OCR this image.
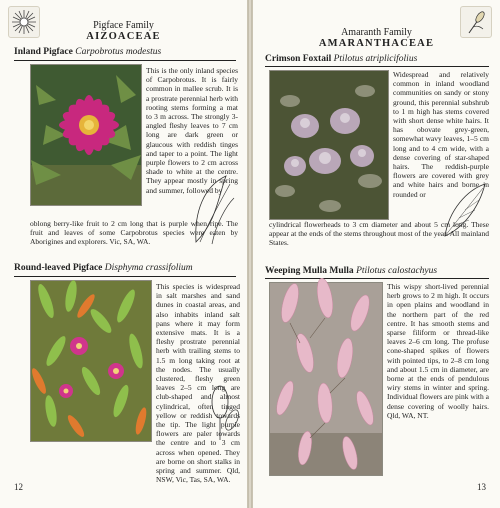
Pigface Family
AIZOACEAE
Inland Pigface Carpobrotus modestus
This is the only inland species of Carpobrotus. It is fairly common in mallee scrub. It is a prostrate perennial herb with rooting stems forming a mat to 3 m across. The strongly 3-angled fleshy leaves to 7 cm long are dark green or glaucous with reddish tinges and taper to a point. The light purple flowers to 2 cm across shade to white at the centre. They appear mostly in spring and summer, followed by
oblong berry-like fruit to 2 cm long that is purple when ripe. The fruit and leaves of some Carpobrotus species were eaten by Aborigines and explorers. Vic, SA, WA.
Round-leaved Pigface Disphyma crassifolium
This species is widespread in salt marshes and sand dunes in coastal areas, and also inhabits inland salt pans where it may form extensive mats. It is a fleshy prostrate perennial herb with trailing stems to 1.5 m long taking root at the nodes. The usually clustered, fleshy green leaves 2–5 cm long are club-shaped and almost cylindrical, often tinged yellow or reddish towards the tip. The light purple flowers are paler towards the centre and to 3 cm across when opened. They are borne on short stalks in spring and summer. Qld, NSW, Vic, Tas, SA, WA.
12
Amaranth Family
AMARANTHACEAE
Crimson Foxtail Ptilotus atriplicifolius
Widespread and relatively common in inland woodland communities on sandy or stony ground, this perennial subshrub to 1 m high has stems covered with short dense white hairs. It has obovate grey-green, somewhat wavy leaves, 1–5 cm long and to 4 cm wide, with a dense covering of star-shaped hairs. The reddish-purple flowers are covered with grey and white hairs and borne in rounded or
cylindrical flowerheads to 3 cm diameter and about 5 cm long. These appear at the ends of the stems throughout most of the year. All mainland States.
Weeping Mulla Mulla Ptilotus calostachyus
This wispy short-lived perennial herb grows to 2 m high. It occurs in open plains and woodland in the northern part of the red centre. It has smooth stems and sparse filiform or thread-like leaves 2–6 cm long. The profuse cone-shaped spikes of flowers with pointed tips, to 2–8 cm long and about 1.5 cm in diameter, are borne at the ends of pendulous wiry stems in winter and spring. Individual flowers are pink with a dense covering of woolly hairs. Qld, WA, NT.
13
